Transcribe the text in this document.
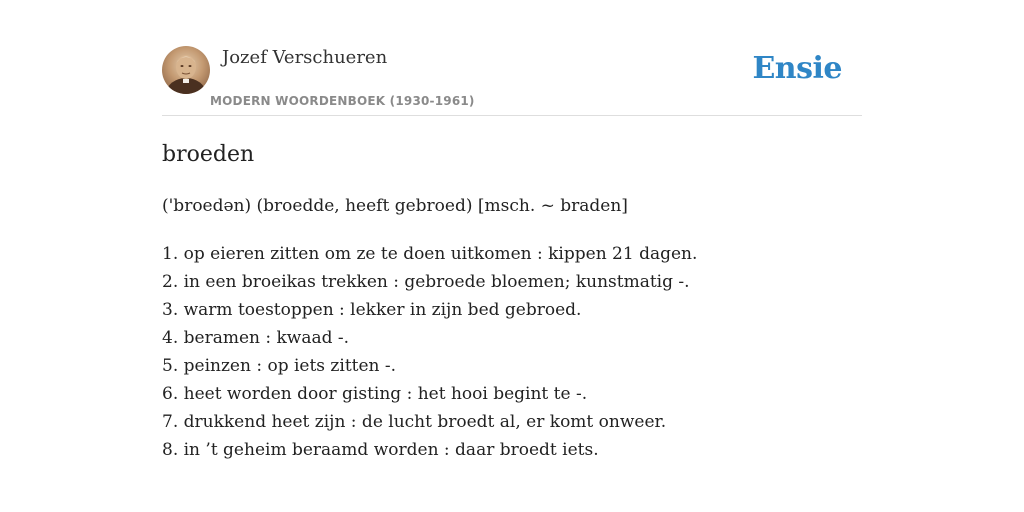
Jozef Verschueren
MODERN WOORDENBOEK (1930-1961)
Ensie
broeden
('broedən) (broedde, heeft gebroed) [msch. ~ braden]
1. op eieren zitten om ze te doen uitkomen : kippen 21 dagen.
2. in een broeikas trekken : gebroede bloemen; kunstmatig -.
3. warm toestoppen : lekker in zijn bed gebroed.
4. beramen : kwaad -.
5. peinzen : op iets zitten -.
6. heet worden door gisting : het hooi begint te -.
7. drukkend heet zijn : de lucht broedt al, er komt onweer.
8. in ’t geheim beraamd worden : daar broedt iets.
